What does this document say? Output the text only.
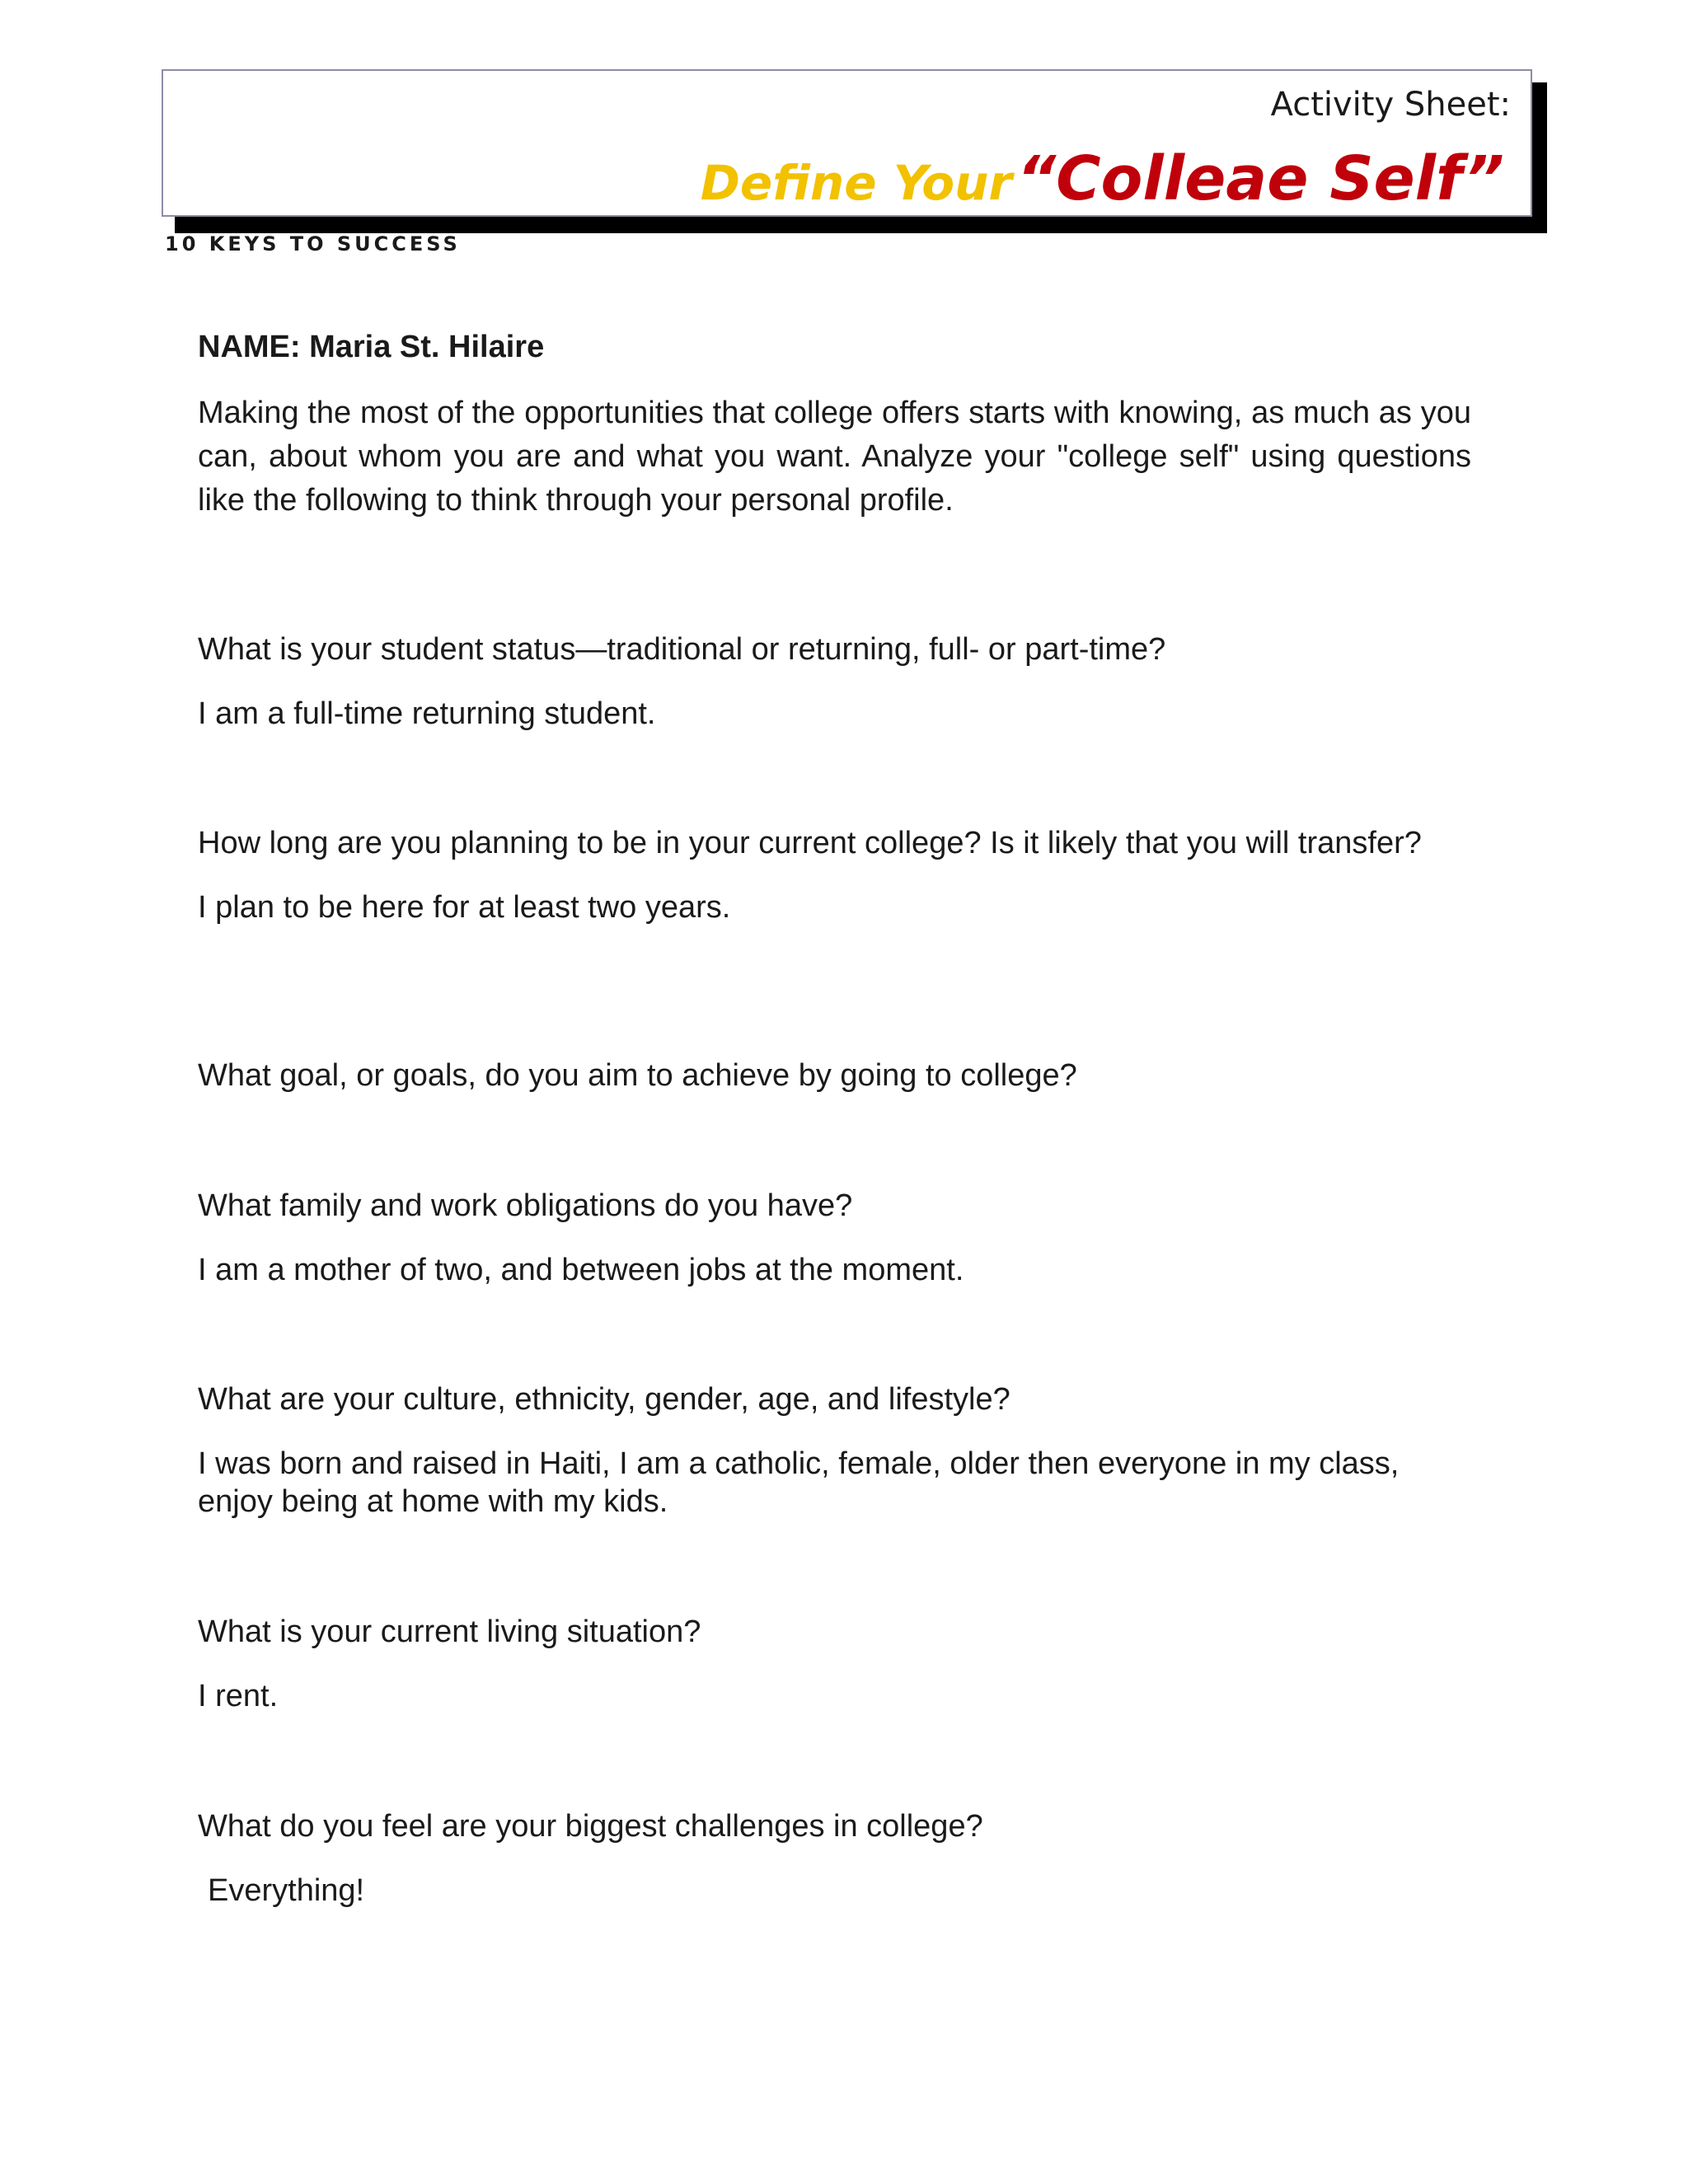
Activity Sheet:
Define Your “Colleae Self”
10 KEYS TO SUCCESS

NAME: Maria St. Hilaire

Making the most of the opportunities that college offers starts with knowing, as much as you can, about whom you are and what you want. Analyze your "college self" using questions like the following to think through your personal profile.

What is your student status—traditional or returning, full- or part-time?

I am a full-time returning student.

How long are you planning to be in your current college? Is it likely that you will transfer?

I plan to be here for at least two years.

What goal, or goals, do you aim to achieve by going to college?

What family and work obligations do you have?

I am a mother of two, and between jobs at the moment.

What are your culture, ethnicity, gender, age, and lifestyle?

I was born and raised in Haiti, I am a catholic, female, older then everyone in my class, enjoy being at home with my kids.

What is your current living situation?

I rent.

What do you feel are your biggest challenges in college?

Everything!
